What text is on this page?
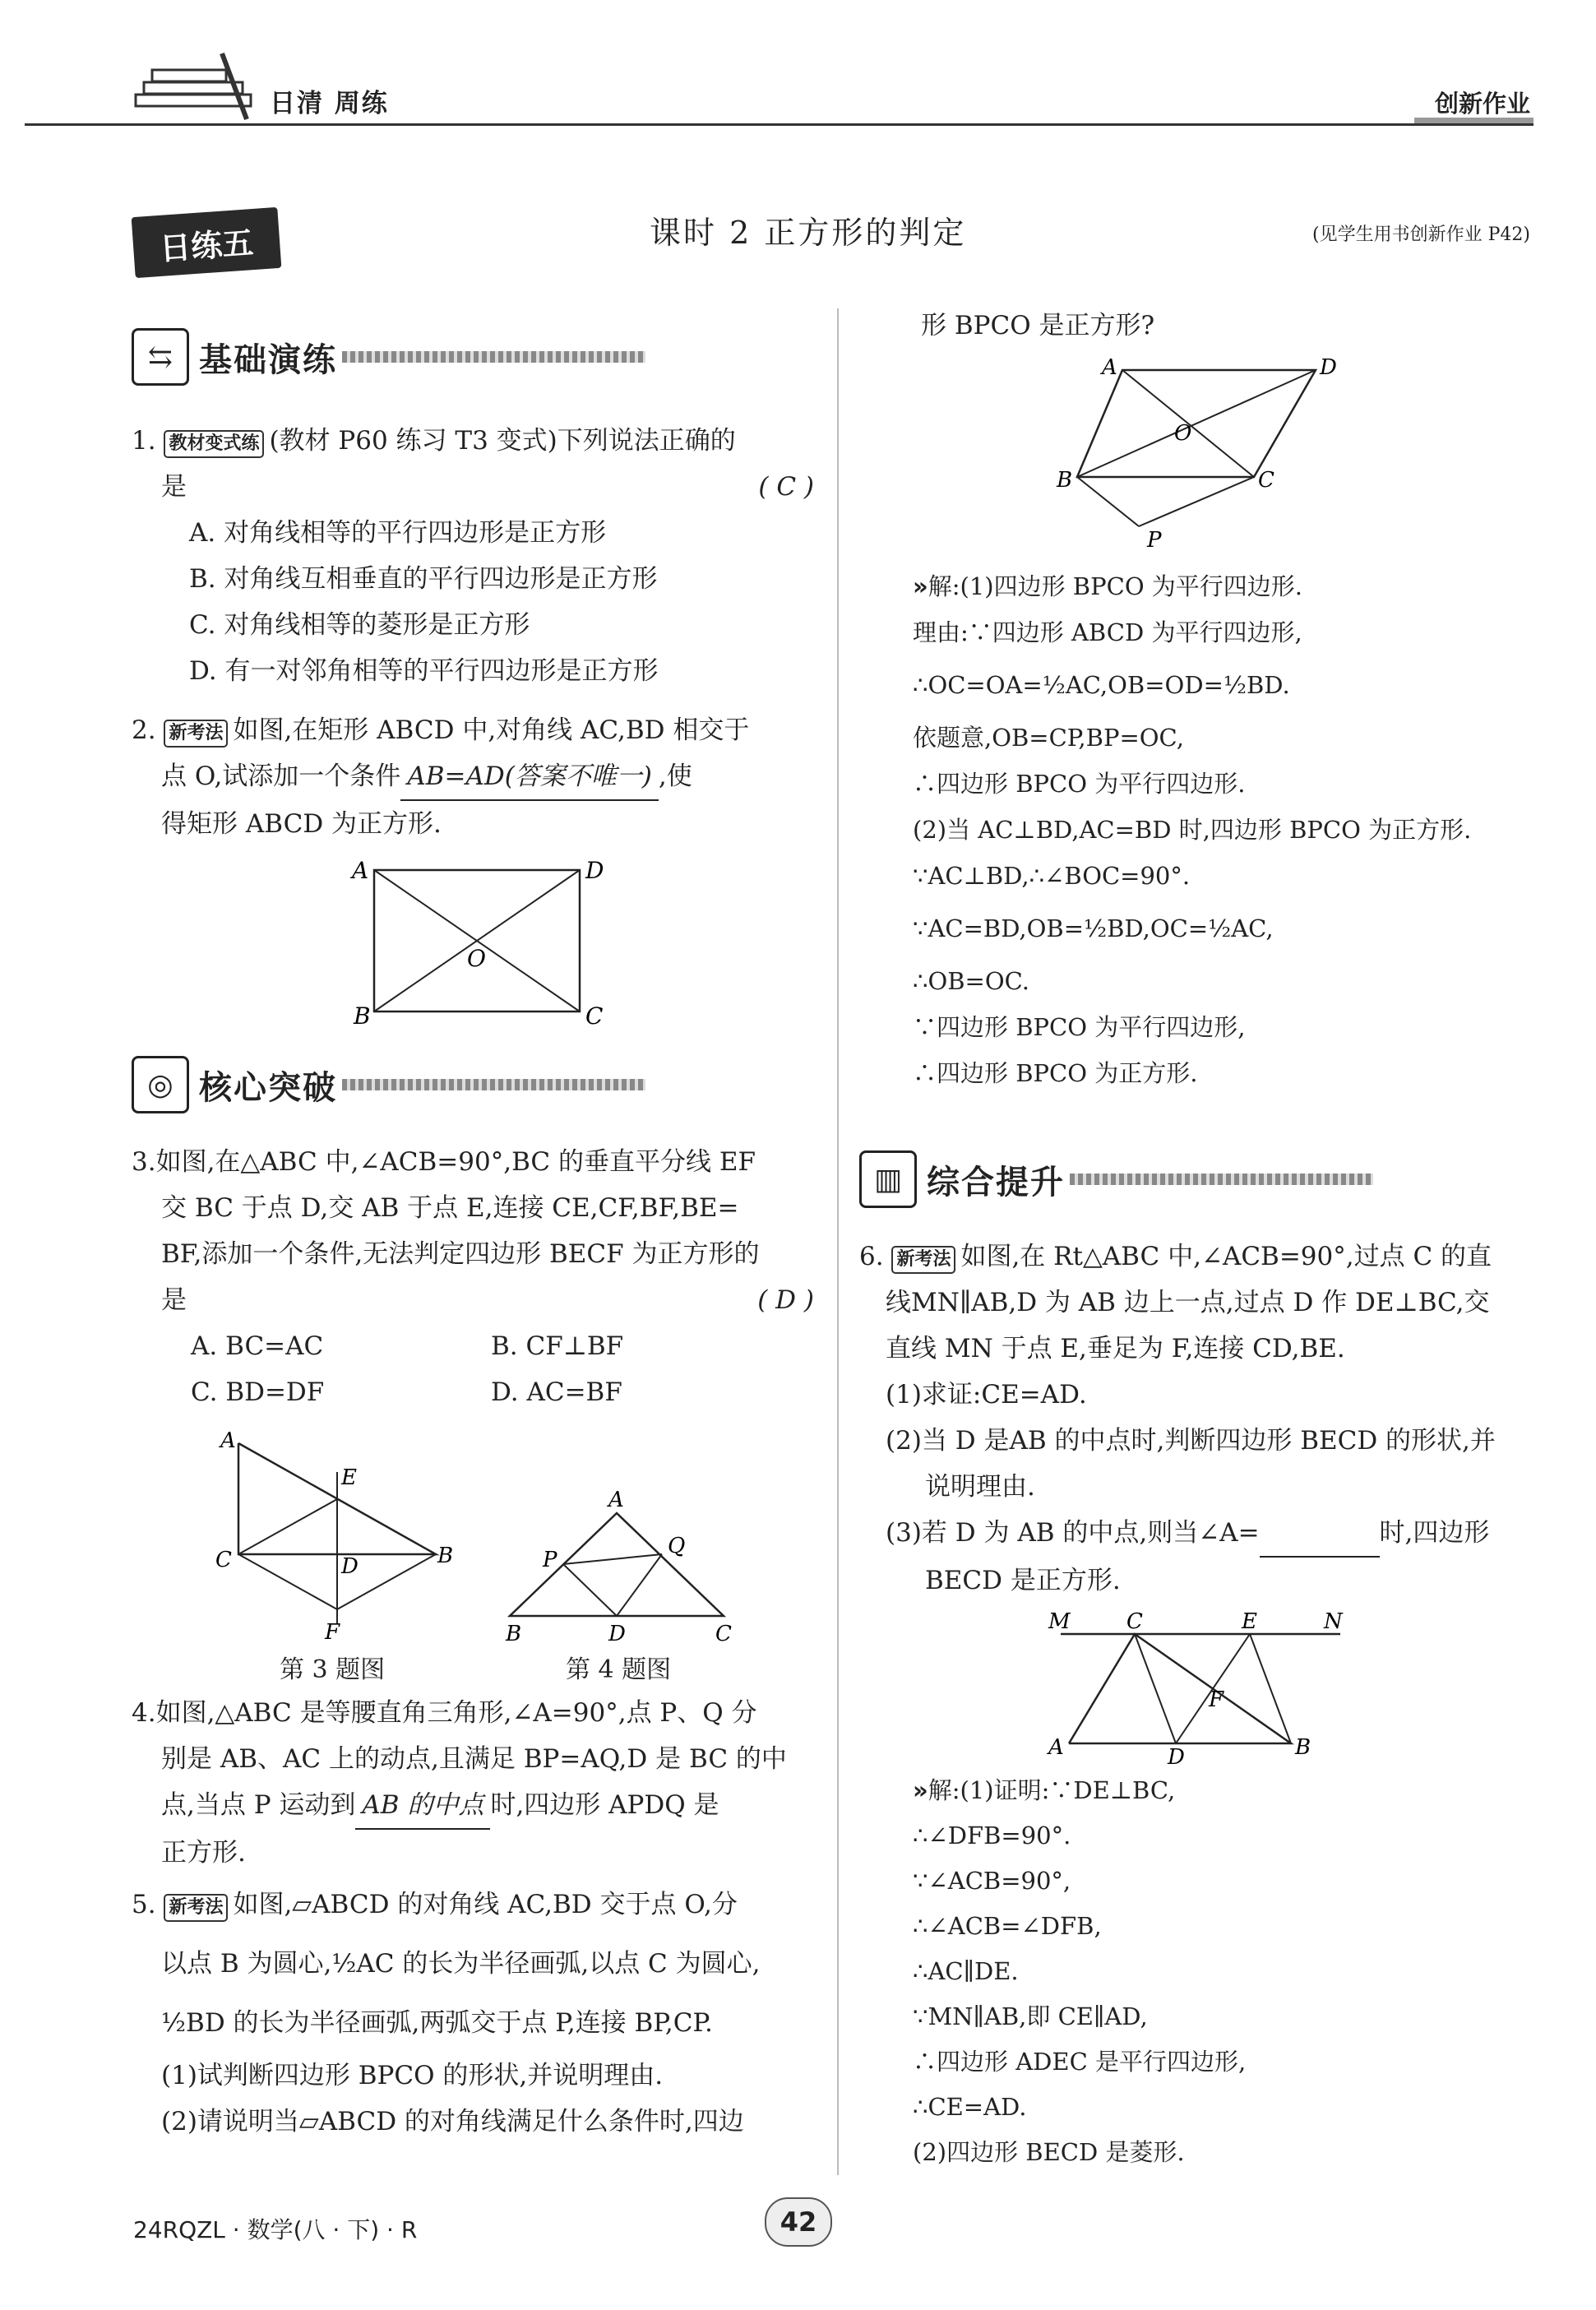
日清 周练	创新作业
日练五	课时 2 正方形的判定	(见学生用书创新作业 P42)
⇆ 基础演练
1. 教材变式练 (教材 P60 练习 T3 变式)下列说法正确的
是	( C )
A. 对角线相等的平行四边形是正方形
B. 对角线互相垂直的平行四边形是正方形
C. 对角线相等的菱形是正方形
D. 有一对邻角相等的平行四边形是正方形
2. 新考法 如图,在矩形 ABCD 中,对角线 AC,BD 相交于
点 O,试添加一个条件 AB=AD(答案不唯一) ,使
得矩形 ABCD 为正方形.
A	D
B	C
O
◎ 核心突破
3.如图,在△ABC 中,∠ACB=90°,BC 的垂直平分线 EF
交 BC 于点 D,交 AB 于点 E,连接 CE,CF,BF,BE=
BF,添加一个条件,无法判定四边形 BECF 为正方形的
是	( D )
A. BC=AC	B. CF⊥BF
C. BD=DF	D. AC=BF
A
E
C	D	B
F
A
P
Q
B	D	C
第 3 题图	第 4 题图
4.如图,△ABC 是等腰直角三角形,∠A=90°,点 P、Q 分
别是 AB、AC 上的动点,且满足 BP=AQ,D 是 BC 的中
点,当点 P 运动到 AB 的中点 时,四边形 APDQ 是
正方形.
5. 新考法 如图,▱ABCD 的对角线 AC,BD 交于点 O,分
以点 B 为圆心,½AC 的长为半径画弧,以点 C 为圆心,
½BD 的长为半径画弧,两弧交于点 P,连接 BP,CP.
(1)试判断四边形 BPCO 的形状,并说明理由.
(2)请说明当▱ABCD 的对角线满足什么条件时,四边
形 BPCO 是正方形?
A	D
O
B	C
P
»解:(1)四边形 BPCO 为平行四边形.
理由:∵四边形 ABCD 为平行四边形,
∴OC=OA=½AC,OB=OD=½BD.
依题意,OB=CP,BP=OC,
∴四边形 BPCO 为平行四边形.
(2)当 AC⊥BD,AC=BD 时,四边形 BPCO 为正方形.
∵AC⊥BD,∴∠BOC=90°.
∵AC=BD,OB=½BD,OC=½AC,
∴OB=OC.
∵四边形 BPCO 为平行四边形,
∴四边形 BPCO 为正方形.
▥ 综合提升
6. 新考法 如图,在 Rt△ABC 中,∠ACB=90°,过点 C 的直
线MN∥AB,D 为 AB 边上一点,过点 D 作 DE⊥BC,交
直线 MN 于点 E,垂足为 F,连接 CD,BE.
(1)求证:CE=AD.
(2)当 D 是AB 的中点时,判断四边形 BECD 的形状,并
说明理由.
(3)若 D 为 AB 的中点,则当∠A=	时,四边形
BECD 是正方形.
M	C	E	N
A	D
F
B
»解:(1)证明:∵DE⊥BC,
∴∠DFB=90°.
∵∠ACB=90°,
∴∠ACB=∠DFB,
∴AC∥DE.
∵MN∥AB,即 CE∥AD,
∴四边形 ADEC 是平行四边形,
∴CE=AD.
(2)四边形 BECD 是菱形.
24RQZL · 数学(八 · 下) · R	42
